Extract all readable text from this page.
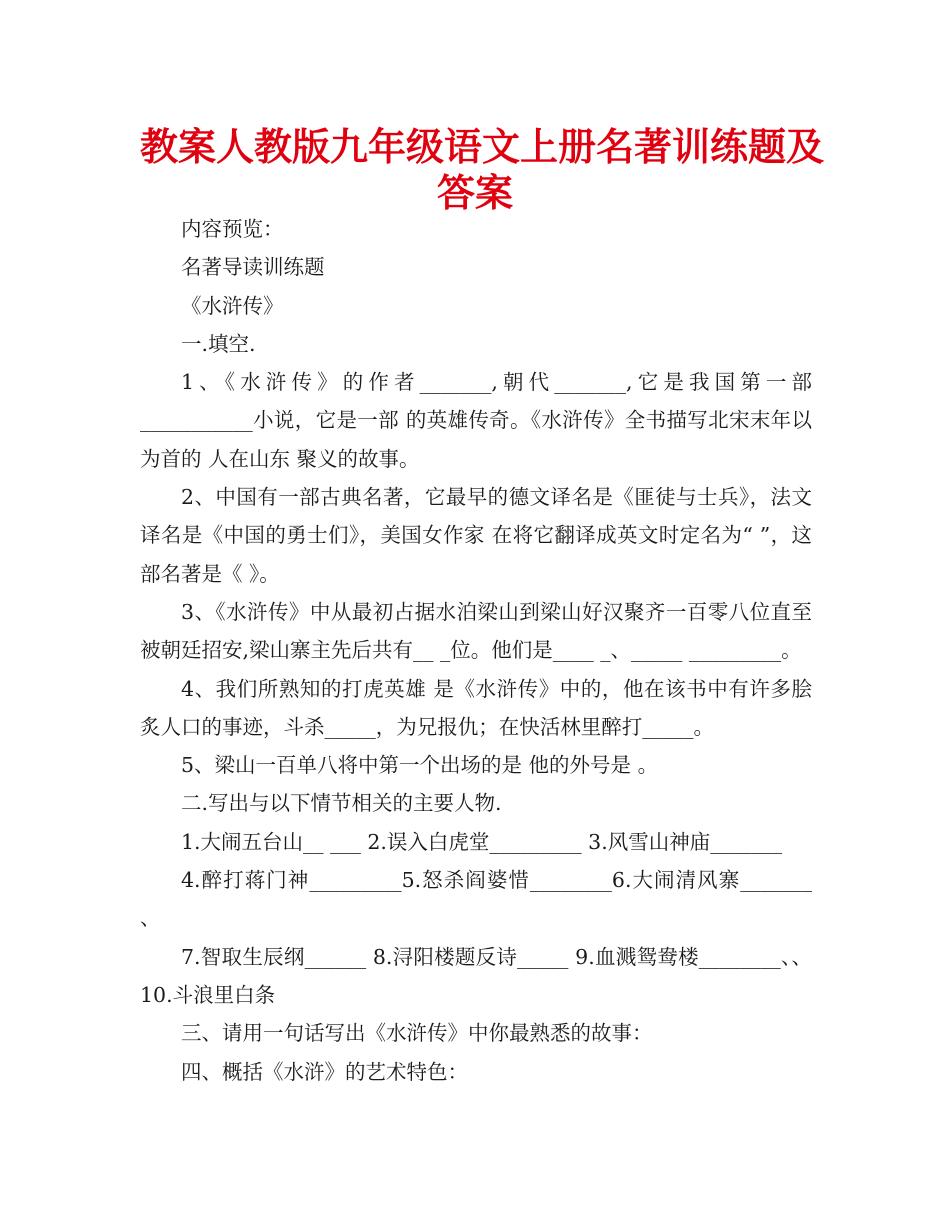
教案人教版九年级语文上册名著训练题及
答案

内容预览：

名著导读训练题

《水浒传》

一.填空.

1、《水浒传》的作者_______,朝代_______,它是我国第一部___________小说，它是一部 的英雄传奇。《水浒传》全书描写北宋末年以 为首的 人在山东 聚义的故事。

2、中国有一部古典名著，它最早的德文译名是《匪徒与士兵》，法文译名是《中国的勇士们》，美国女作家 在将它翻译成英文时定名为“ ”，这部名著是《 》。

3、《水浒传》中从最初占据水泊梁山到梁山好汉聚齐一百零八位直至被朝廷招安,梁山寨主先后共有__ _位。他们是____ _、_____ _________。

4、我们所熟知的打虎英雄 是《水浒传》中的，他在该书中有许多脍炙人口的事迹，斗杀_____，为兄报仇；在快活林里醉打_____。

5、梁山一百单八将中第一个出场的是 他的外号是 。

二.写出与以下情节相关的主要人物.

1.大闹五台山__ ___ 2.误入白虎堂_________ 3.风雪山神庙_______

4.醉打蒋门神_________5.怒杀阎婆惜________6.大闹清风寨_______ 、

7.智取生辰纲______ 8.浔阳楼题反诗_____ 9.血溅鸳鸯楼________、、10.斗浪里白条

三、请用一句话写出《水浒传》中你最熟悉的故事：

四、概括《水浒》的艺术特色：
